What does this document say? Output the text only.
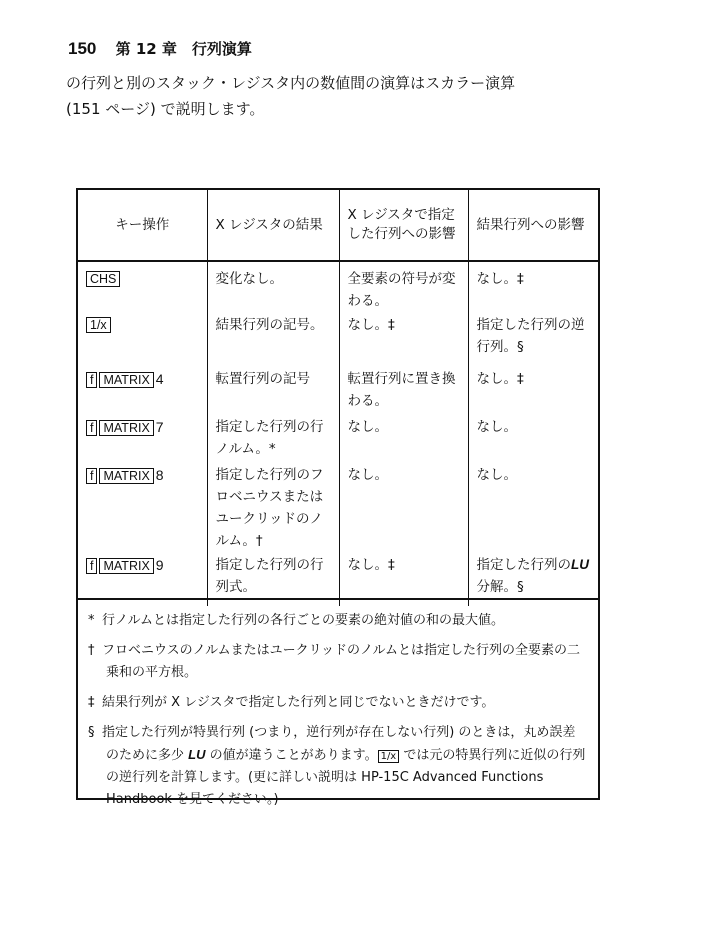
150 第 12 章　行列演算

の行列と別のスタック・レジスタ内の数値間の演算はスカラー演算

(151 ページ) で説明します。

キー操作	X レジスタの結果	X レジスタで指定した行列への影響	結果行列への影響
CHS	変化なし。	全要素の符号が変わる。	なし。‡
1/x	結果行列の記号。	なし。‡	指定した行列の逆行列。§
f MATRIX 4	転置行列の記号	転置行列に置き換わる。	なし。‡
f MATRIX 7	指定した行列の行ノルム。*	なし。	なし。
f MATRIX 8	指定した行列のフロベニウスまたはユークリッドのノルム。†	なし。	なし。
f MATRIX 9	指定した行列の行列式。	なし。‡	指定した行列のLU分解。§
* 行ノルムとは指定した行列の各行ごとの要素の絶対値の和の最大値。
† フロベニウスのノルムまたはユークリッドのノルムとは指定した行列の全要素の二乗和の平方根。
‡ 結果行列が X レジスタで指定した行列と同じでないときだけです。
§ 指定した行列が特異行列 (つまり，逆行列が存在しない行列) のときは，丸め誤差のために多少 LU の値が違うことがあります。 1/x では元の特異行列に近似の行列の逆行列を計算します。(更に詳しい説明は HP-15C Advanced Functions Handbook を見てください。)
